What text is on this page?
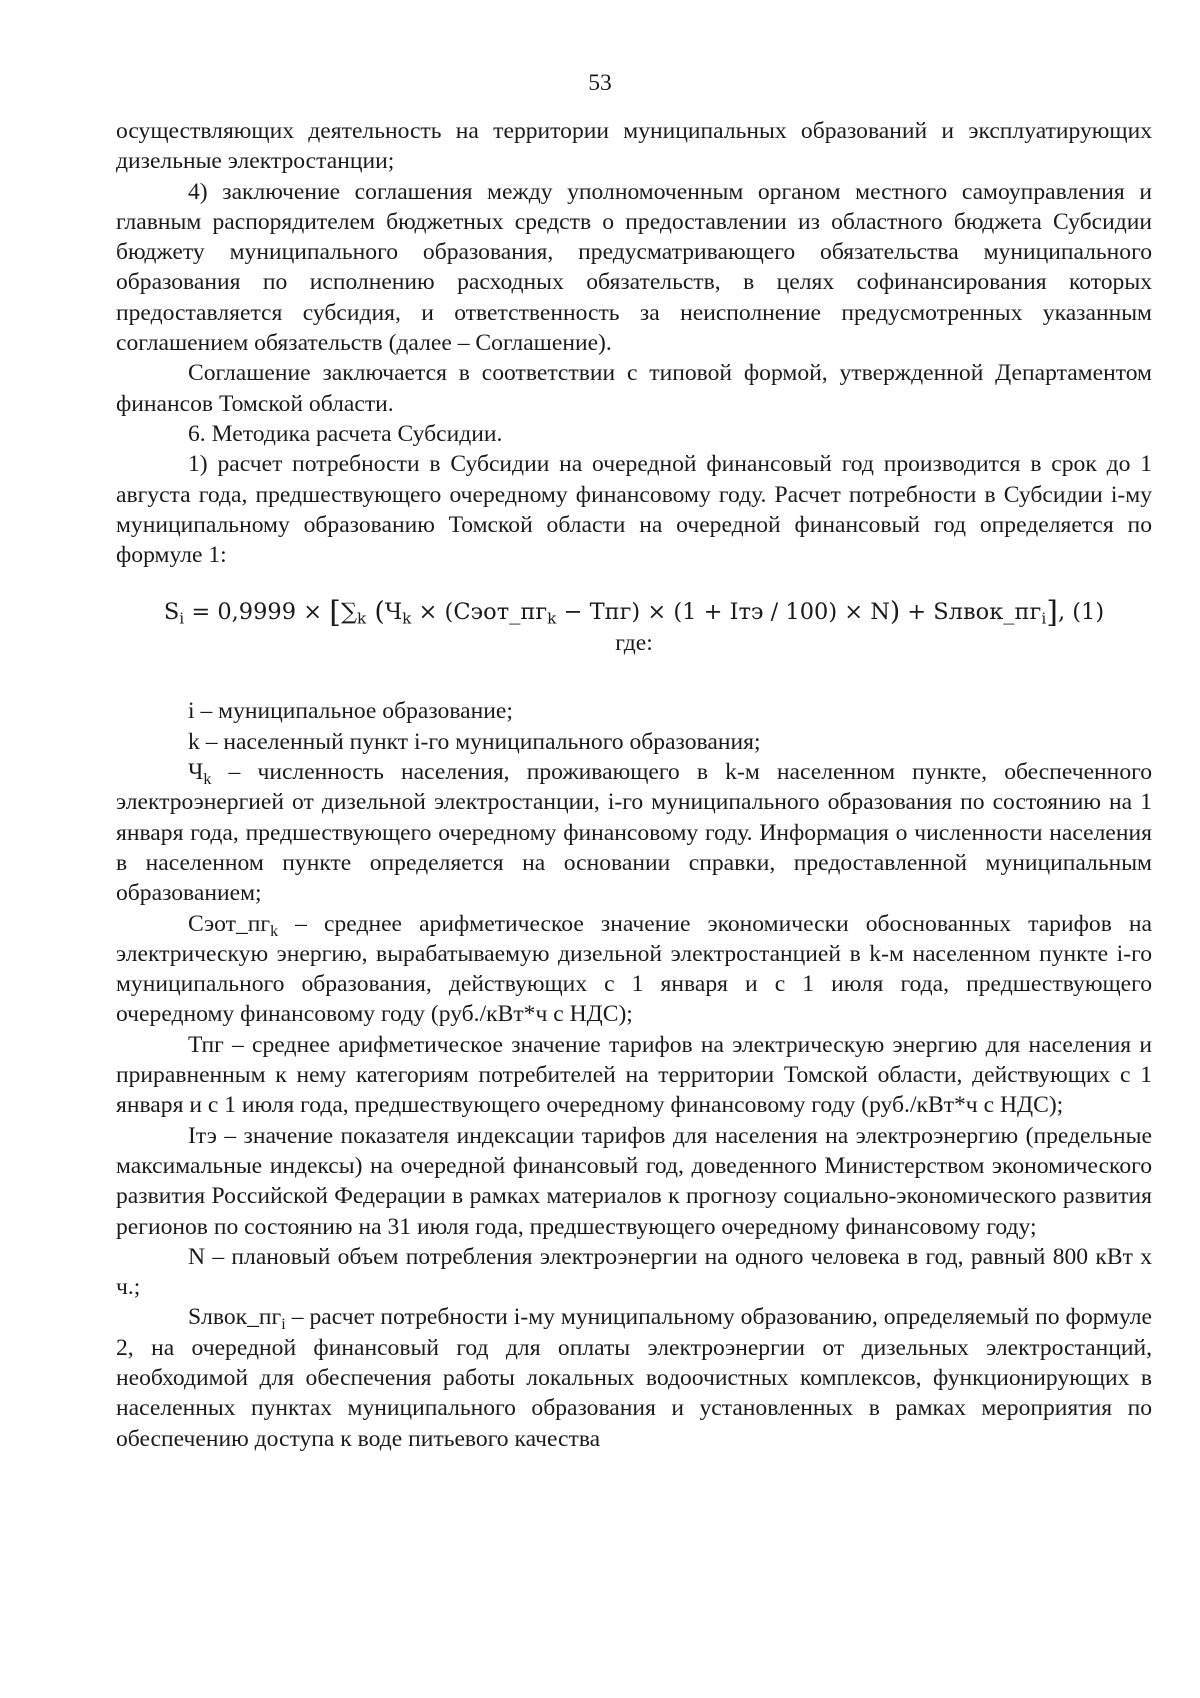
53

осуществляющих деятельность на территории муниципальных образований и эксплуатирующих дизельные электростанции;

4) заключение соглашения между уполномоченным органом местного самоуправления и главным распорядителем бюджетных средств о предоставлении из областного бюджета Субсидии бюджету муниципального образования, предусматривающего обязательства муниципального образования по исполнению расходных обязательств, в целях софинансирования которых предоставляется субсидия, и ответственность за неисполнение предусмотренных указанным соглашением обязательств (далее – Соглашение).

Соглашение заключается в соответствии с типовой формой, утвержденной Департаментом финансов Томской области.

6. Методика расчета Субсидии.

1) расчет потребности в Субсидии на очередной финансовый год производится в срок до 1 августа года, предшествующего очередному финансовому году. Расчет потребности в Субсидии i-му муниципальному образованию Томской области на очередной финансовый год определяется по формуле 1:

$S_i = 0,9999 \times [\sum_k$ ($Ч_k$ × $(Сэот\_пг_k - Тпг) \times (1$ + Iтэ / $100) \times N) + Sлвок\_пг_i$], (1)

где:

i – муниципальное образование;

k – населенный пункт i-го муниципального образования;

$Ч_k$ – численность населения, проживающего в k-м населенном пункте, обеспеченного электроэнергией от дизельной электростанции, i-го муниципального образования по состоянию на 1 января года, предшествующего очередному финансовому году. Информация о численности населения в населенном пункте определяется на основании справки, предоставленной муниципальным образованием;

$Сэот\_пг_k$ – среднее арифметическое значение экономически обоснованных тарифов на электрическую энергию, вырабатываемую дизельной электростанцией в k-м населенном пункте i-го муниципального образования, действующих с 1 января и с 1 июля года, предшествующего очередному финансовому году (руб./кВт*ч с НДС);

Тпг – среднее арифметическое значение тарифов на электрическую энергию для населения и приравненным к нему категориям потребителей на территории Томской области, действующих с 1 января и с 1 июля года, предшествующего очередному финансовому году (руб./кВт*ч с НДС);

Iтэ – значение показателя индексации тарифов для населения на электроэнергию (предельные максимальные индексы) на очередной финансовый год, доведенного Министерством экономического развития Российской Федерации в рамках материалов к прогнозу социально-экономического развития регионов по состоянию на 31 июля года, предшествующего очередному финансовому году;

N – плановый объем потребления электроэнергии на одного человека в год, равный 800 кВт х ч.;

$Sлвок\_пг_i$ – расчет потребности i-му муниципальному образованию, определяемый по формуле 2, на очередной финансовый год для оплаты электроэнергии от дизельных электростанций, необходимой для обеспечения работы локальных водоочистных комплексов, функционирующих в населенных пунктах муниципального образования и установленных в рамках мероприятия по обеспечению доступа к воде питьевого качества
